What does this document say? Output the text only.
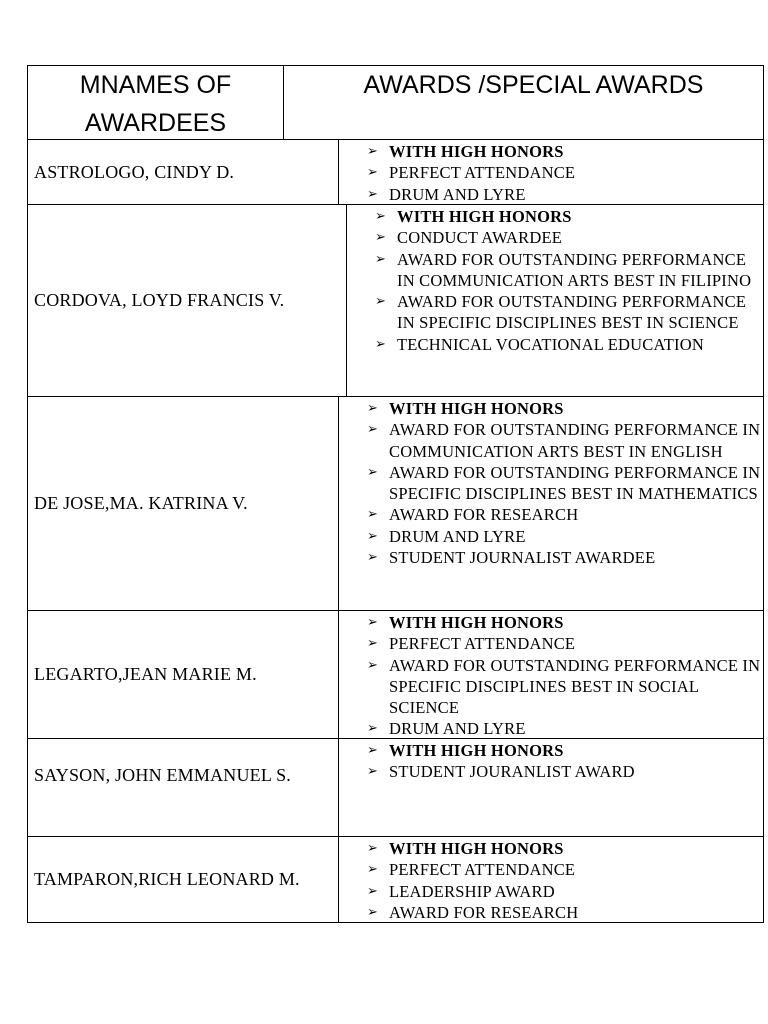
MNAMES OF AWARDEES
AWARDS /SPECIAL AWARDS
ASTROLOGO, CINDY D.
➢ WITH HIGH HONORS
➢ PERFECT ATTENDANCE
➢ DRUM AND LYRE
CORDOVA, LOYD FRANCIS V.
➢ WITH HIGH HONORS
➢ CONDUCT AWARDEE
➢ AWARD FOR OUTSTANDING PERFORMANCE IN COMMUNICATION ARTS BEST IN FILIPINO
➢ AWARD FOR OUTSTANDING PERFORMANCE IN SPECIFIC DISCIPLINES BEST IN SCIENCE
➢ TECHNICAL VOCATIONAL EDUCATION
DE JOSE,MA. KATRINA V.
➢ WITH HIGH HONORS
➢ AWARD FOR OUTSTANDING PERFORMANCE IN COMMUNICATION ARTS BEST IN ENGLISH
➢ AWARD FOR OUTSTANDING PERFORMANCE IN SPECIFIC DISCIPLINES BEST IN MATHEMATICS
➢ AWARD FOR RESEARCH
➢ DRUM AND LYRE
➢ STUDENT JOURNALIST AWARDEE
LEGARTO,JEAN MARIE M.
➢ WITH HIGH HONORS
➢ PERFECT ATTENDANCE
➢ AWARD FOR OUTSTANDING PERFORMANCE IN SPECIFIC DISCIPLINES BEST IN SOCIAL SCIENCE
➢ DRUM AND LYRE
SAYSON, JOHN EMMANUEL S.
➢ WITH HIGH HONORS
➢ STUDENT JOURANLIST AWARD
TAMPARON,RICH LEONARD M.
➢ WITH HIGH HONORS
➢ PERFECT ATTENDANCE
➢ LEADERSHIP AWARD
➢ AWARD FOR RESEARCH
